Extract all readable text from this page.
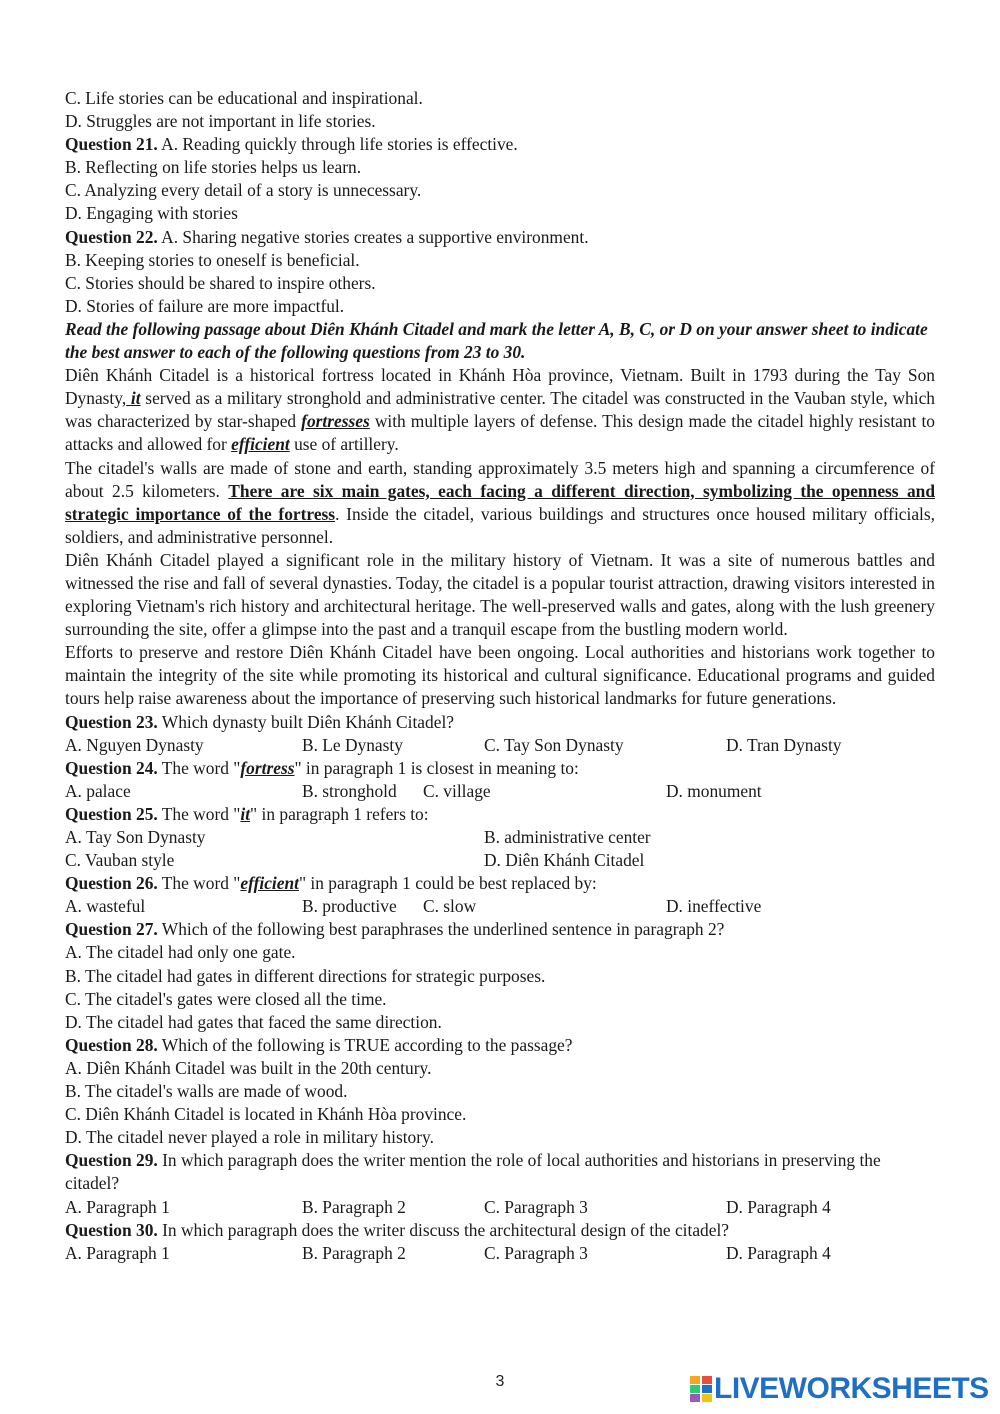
C. Life stories can be educational and inspirational.
D. Struggles are not important in life stories.
Question 21. A. Reading quickly through life stories is effective.
B. Reflecting on life stories helps us learn.
C. Analyzing every detail of a story is unnecessary.
D. Engaging with stories
Question 22. A. Sharing negative stories creates a supportive environment.
B. Keeping stories to oneself is beneficial.
C. Stories should be shared to inspire others.
D. Stories of failure are more impactful.
Read the following passage about Diên Khánh Citadel and mark the letter A, B, C, or D on your answer sheet to indicate the best answer to each of the following questions from 23 to 30.
Diên Khánh Citadel is a historical fortress located in Khánh Hòa province, Vietnam. Built in 1793 during the Tay Son Dynasty, it served as a military stronghold and administrative center. The citadel was constructed in the Vauban style, which was characterized by star-shaped fortresses with multiple layers of defense. This design made the citadel highly resistant to attacks and allowed for efficient use of artillery.
The citadel's walls are made of stone and earth, standing approximately 3.5 meters high and spanning a circumference of about 2.5 kilometers. There are six main gates, each facing a different direction, symbolizing the openness and strategic importance of the fortress. Inside the citadel, various buildings and structures once housed military officials, soldiers, and administrative personnel.
Diên Khánh Citadel played a significant role in the military history of Vietnam. It was a site of numerous battles and witnessed the rise and fall of several dynasties. Today, the citadel is a popular tourist attraction, drawing visitors interested in exploring Vietnam's rich history and architectural heritage. The well-preserved walls and gates, along with the lush greenery surrounding the site, offer a glimpse into the past and a tranquil escape from the bustling modern world.
Efforts to preserve and restore Diên Khánh Citadel have been ongoing. Local authorities and historians work together to maintain the integrity of the site while promoting its historical and cultural significance. Educational programs and guided tours help raise awareness about the importance of preserving such historical landmarks for future generations.
Question 23. Which dynasty built Diên Khánh Citadel?
A. Nguyen Dynasty	B. Le Dynasty	C. Tay Son Dynasty	D. Tran Dynasty
Question 24. The word "fortress" in paragraph 1 is closest in meaning to:
A. palace	B. stronghold	C. village	D. monument
Question 25. The word "it" in paragraph 1 refers to:
A. Tay Son Dynasty	B. administrative center
C. Vauban style	D. Diên Khánh Citadel
Question 26. The word "efficient" in paragraph 1 could be best replaced by:
A. wasteful	B. productive	C. slow	D. ineffective
Question 27. Which of the following best paraphrases the underlined sentence in paragraph 2?
A. The citadel had only one gate.
B. The citadel had gates in different directions for strategic purposes.
C. The citadel's gates were closed all the time.
D. The citadel had gates that faced the same direction.
Question 28. Which of the following is TRUE according to the passage?
A. Diên Khánh Citadel was built in the 20th century.
B. The citadel's walls are made of wood.
C. Diên Khánh Citadel is located in Khánh Hòa province.
D. The citadel never played a role in military history.
Question 29. In which paragraph does the writer mention the role of local authorities and historians in preserving the citadel?
A. Paragraph 1	B. Paragraph 2	C. Paragraph 3	D. Paragraph 4
Question 30. In which paragraph does the writer discuss the architectural design of the citadel?
A. Paragraph 1	B. Paragraph 2	C. Paragraph 3	D. Paragraph 4
3	LIVEWORKSHEETS
